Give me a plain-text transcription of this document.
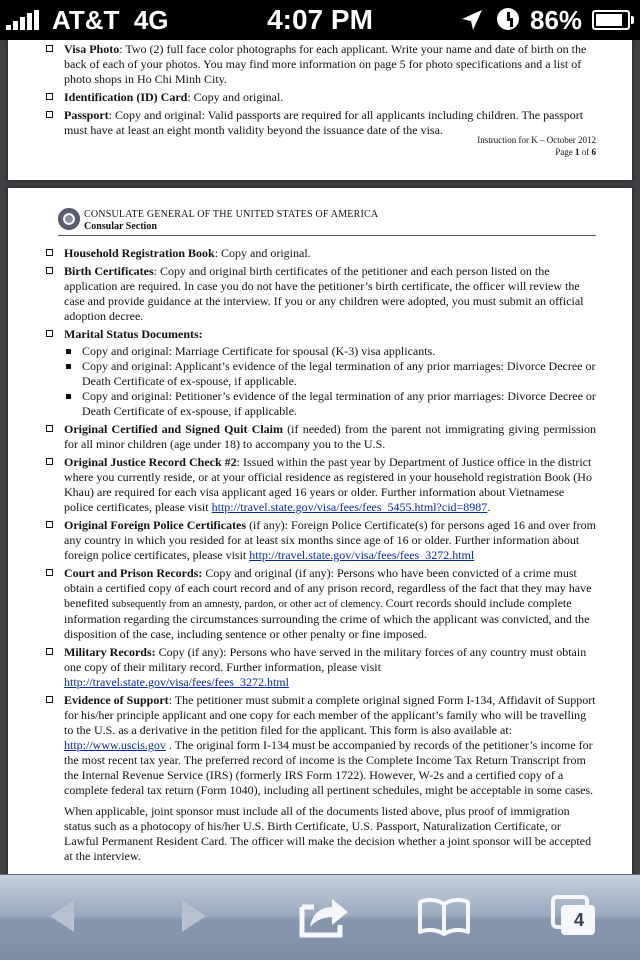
AT&T 4G	4:07 PM	86%
Visa Photo: Two (2) full face color photographs for each applicant. Write your name and date of birth on the back of each of your photos. You may find more information on page 5 for photo specifications and a list of photo shops in Ho Chi Minh City.
Identification (ID) Card: Copy and original.
Passport: Copy and original: Valid passports are required for all applicants including children. The passport must have at least an eight month validity beyond the issuance date of the visa.
Instruction for K – October 2012
Page 1 of 6
CONSULATE GENERAL OF THE UNITED STATES OF AMERICA
Consular Section
Household Registration Book: Copy and original.
Birth Certificates: Copy and original birth certificates of the petitioner and each person listed on the application are required. In case you do not have the petitioner’s birth certificate, the officer will review the case and provide guidance at the interview. If you or any children were adopted, you must submit an official adoption decree.
Marital Status Documents:
Copy and original: Marriage Certificate for spousal (K-3) visa applicants.
Copy and original: Applicant’s evidence of the legal termination of any prior marriages: Divorce Decree or Death Certificate of ex-spouse, if applicable.
Copy and original: Petitioner’s evidence of the legal termination of any prior marriages: Divorce Decree or Death Certificate of ex-spouse, if applicable.
Original Certified and Signed Quit Claim (if needed) from the parent not immigrating giving permission for all minor children (age under 18) to accompany you to the U.S.
Original Justice Record Check #2: Issued within the past year by Department of Justice office in the district where you currently reside, or at your official residence as registered in your household registration Book (Ho Khau) are required for each visa applicant aged 16 years or older. Further information about Vietnamese police certificates, please visit http://travel.state.gov/visa/fees/fees_5455.html?cid=8987.
Original Foreign Police Certificates (if any): Foreign Police Certificate(s) for persons aged 16 and over from any country in which you resided for at least six months since age of 16 or older. Further information about foreign police certificates, please visit http://travel.state.gov/visa/fees/fees_3272.html
Court and Prison Records: Copy and original (if any): Persons who have been convicted of a crime must obtain a certified copy of each court record and of any prison record, regardless of the fact that they may have benefited subsequently from an amnesty, pardon, or other act of clemency. Court records should include complete information regarding the circumstances surrounding the crime of which the applicant was convicted, and the disposition of the case, including sentence or other penalty or fine imposed.
Military Records: Copy (if any): Persons who have served in the military forces of any country must obtain one copy of their military record. Further information, please visit http://travel.state.gov/visa/fees/fees_3272.html
Evidence of Support: The petitioner must submit a complete original signed Form I-134, Affidavit of Support for his/her principle applicant and one copy for each member of the applicant’s family who will be travelling to the U.S. as a derivative in the petition filed for the applicant. This form is also available at: http://www.uscis.gov . The original form I-134 must be accompanied by records of the petitioner’s income for the most recent tax year. The preferred record of income is the Complete Income Tax Return Transcript from the Internal Revenue Service (IRS) (formerly IRS Form 1722). However, W-2s and a certified copy of a complete federal tax return (Form 1040), including all pertinent schedules, might be acceptable in some cases.

When applicable, joint sponsor must include all of the documents listed above, plus proof of immigration status such as a photocopy of his/her U.S. Birth Certificate, U.S. Passport, Naturalization Certificate, or Lawful Permanent Resident Card. The officer will make the decision whether a joint sponsor will be accepted at the interview.

4
